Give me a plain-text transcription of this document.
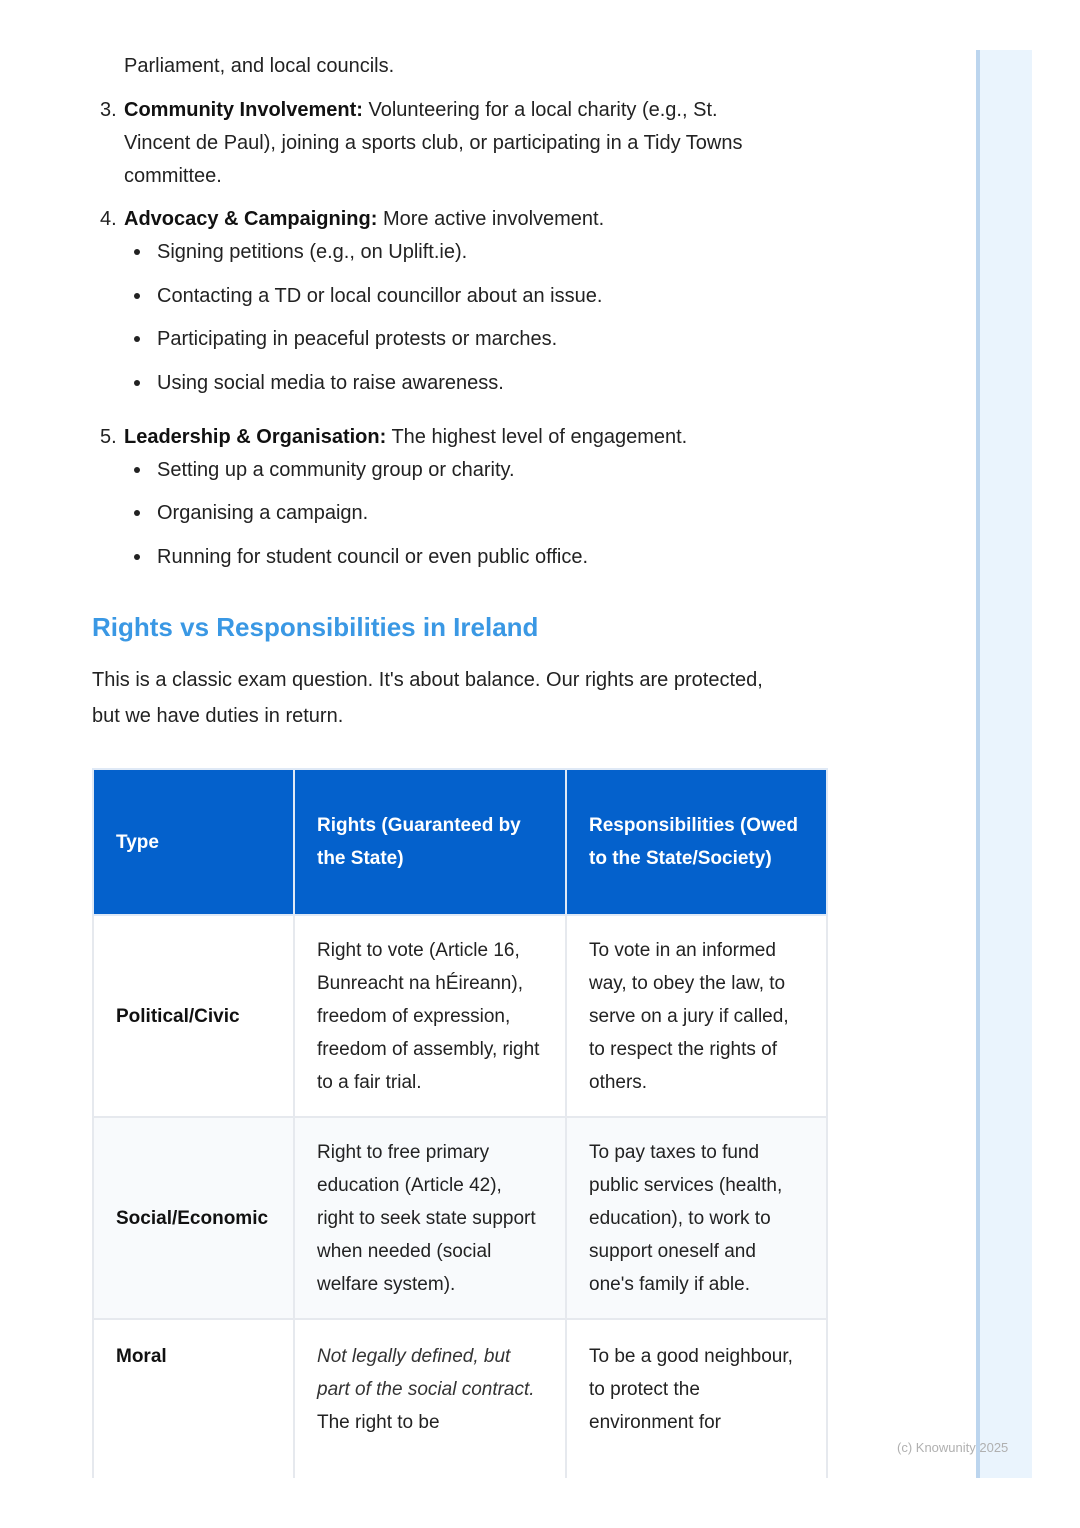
Parliament, and local councils.
3. Community Involvement: Volunteering for a local charity (e.g., St.
Vincent de Paul), joining a sports club, or participating in a Tidy Towns
committee.
4. Advocacy & Campaigning: More active involvement.
Signing petitions (e.g., on Uplift.ie).
Contacting a TD or local councillor about an issue.
Participating in peaceful protests or marches.
Using social media to raise awareness.
5. Leadership & Organisation: The highest level of engagement.
Setting up a community group or charity.
Organising a campaign.
Running for student council or even public office.
Rights vs Responsibilities in Ireland
This is a classic exam question. It's about balance. Our rights are protected,
but we have duties in return.
Type	Rights (Guaranteed by the State)	Responsibilities (Owed to the State/Society)
Political/Civic	Right to vote (Article 16, Bunreacht na hÉireann), freedom of expression, freedom of assembly, right to a fair trial.	To vote in an informed way, to obey the law, to serve on a jury if called, to respect the rights of others.
Social/Economic	Right to free primary education (Article 42), right to seek state support when needed (social welfare system).	To pay taxes to fund public services (health, education), to work to support oneself and one's family if able.
Moral	Not legally defined, but part of the social contract. The right to be	To be a good neighbour, to protect the environment for
(c) Knowunity 2025
